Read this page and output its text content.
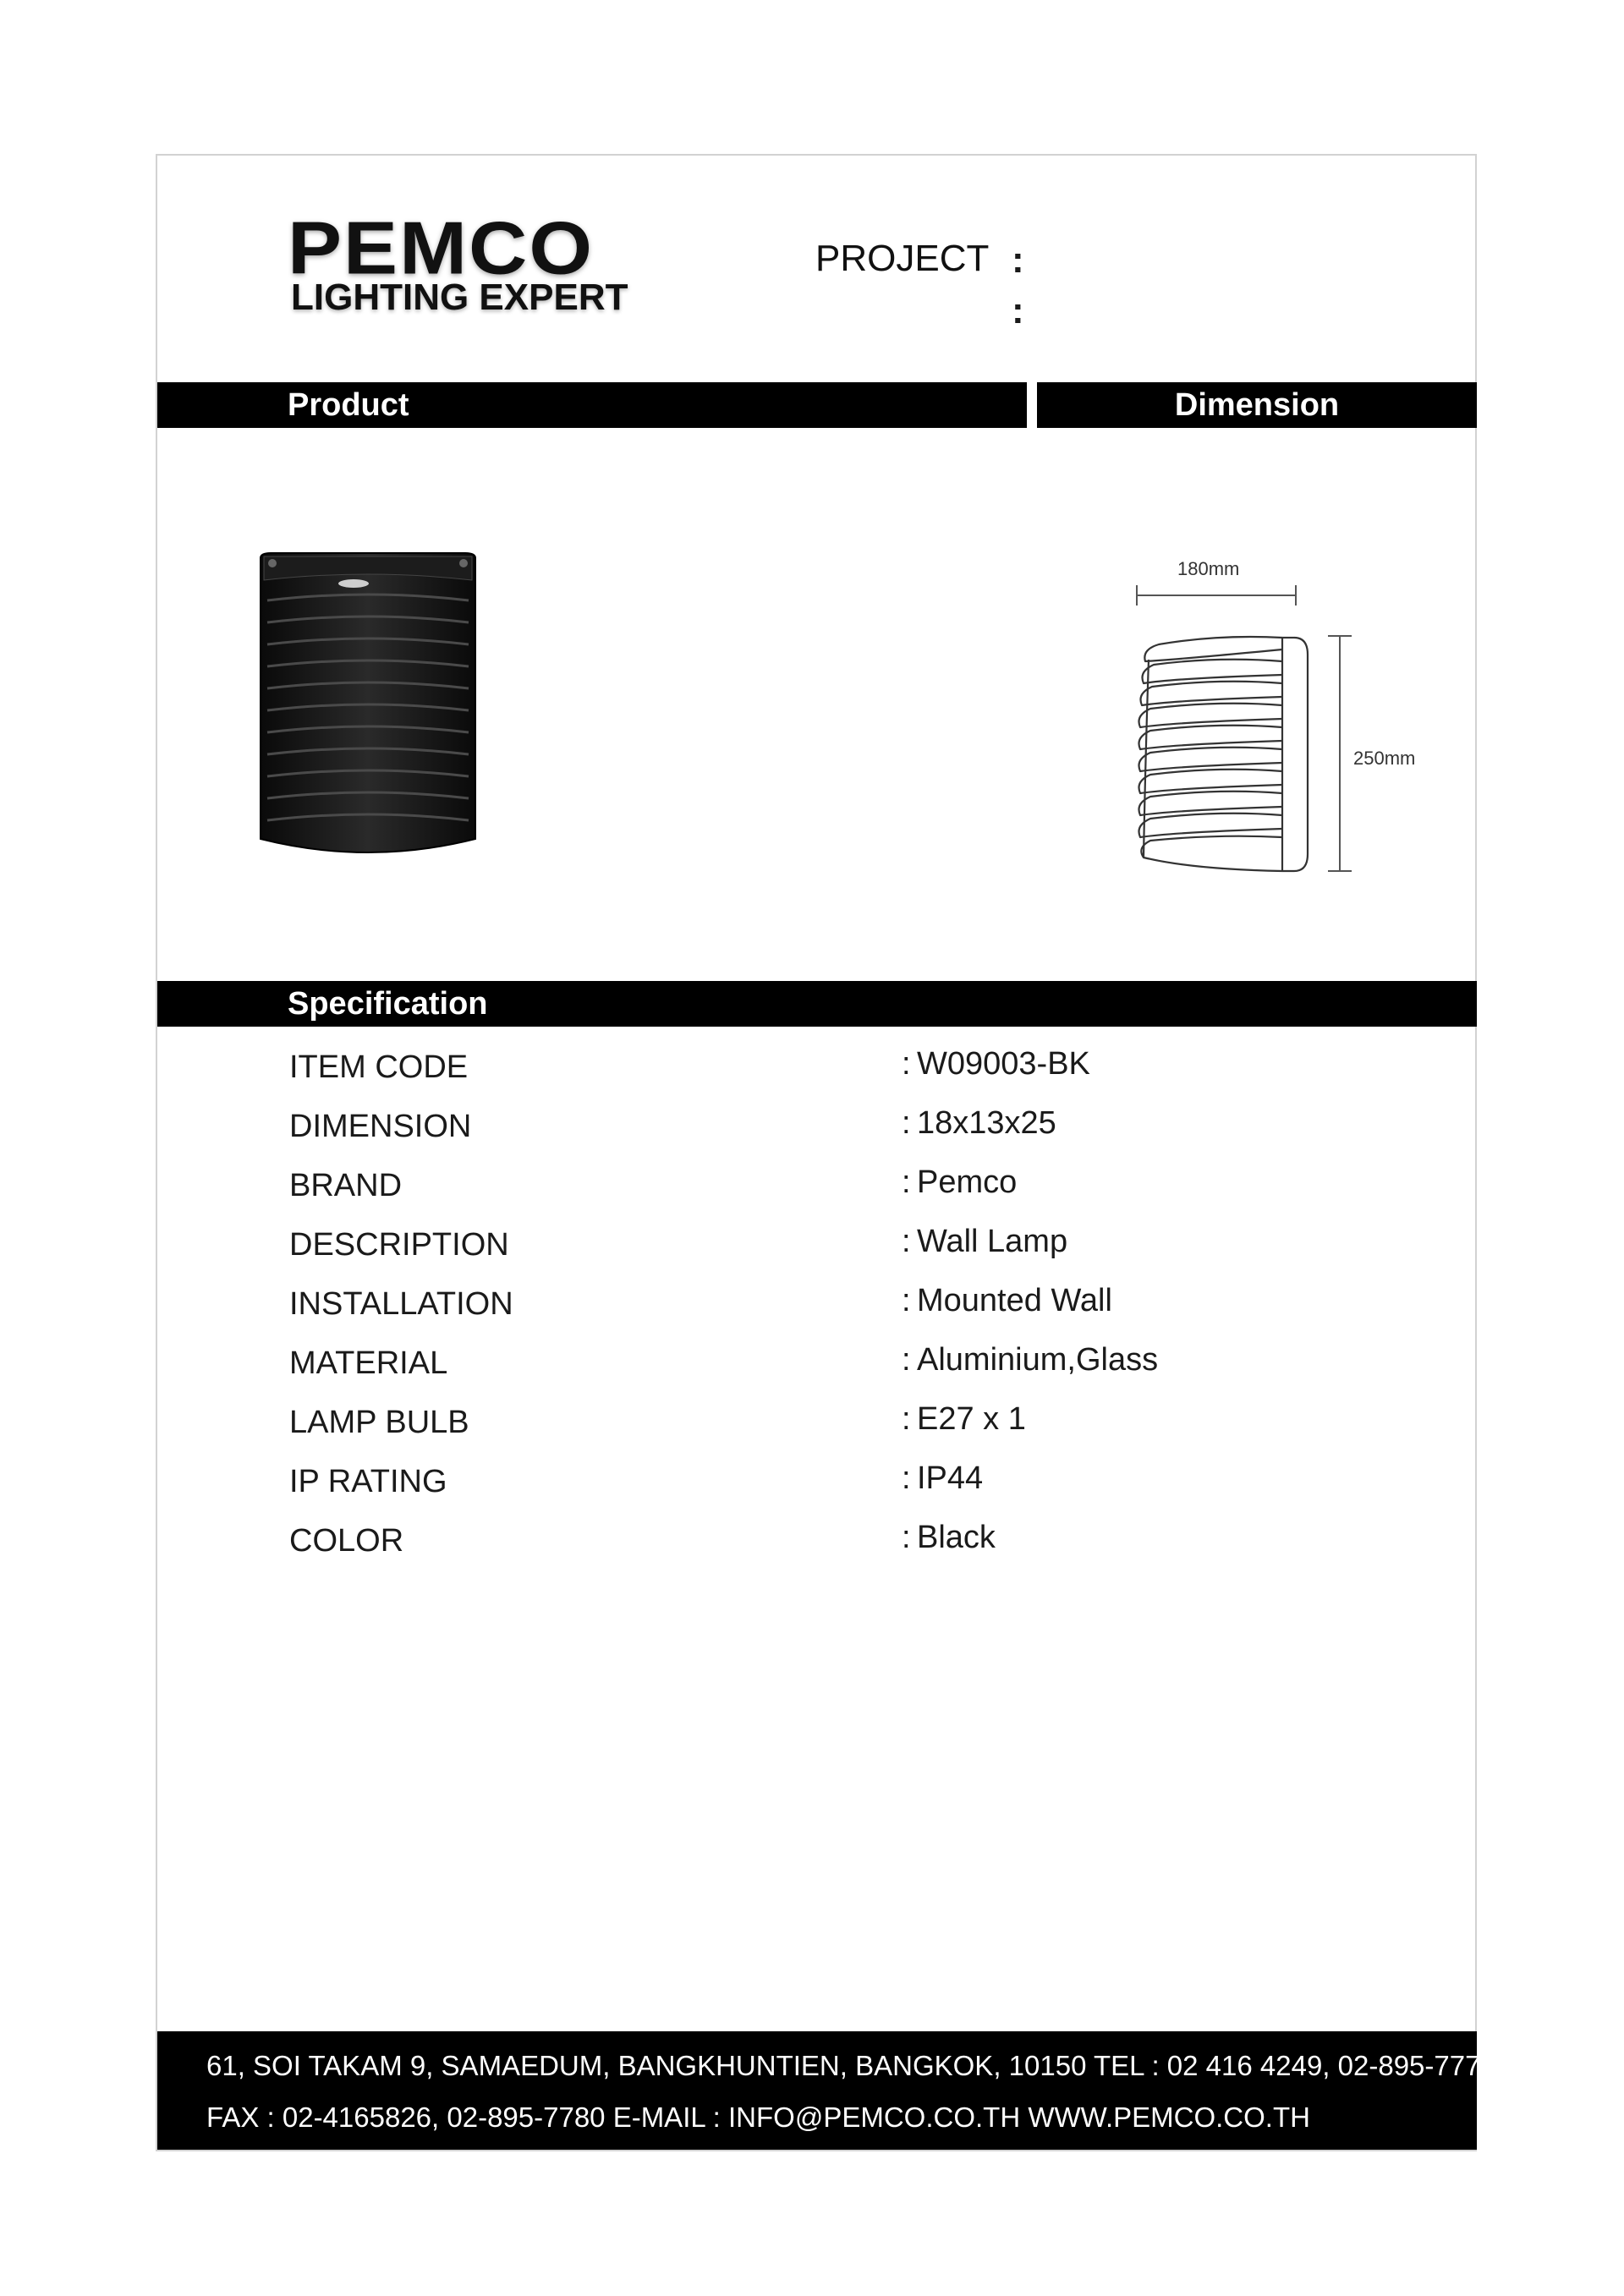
PEMCO
LIGHTING EXPERT
PROJECT :
:
Product	Dimension
180mm
250mm
Specification
ITEM CODE	: W09003-BK
DIMENSION	: 18x13x25
BRAND	: Pemco
DESCRIPTION	: Wall Lamp
INSTALLATION	: Mounted Wall
MATERIAL	: Aluminium,Glass
LAMP BULB	: E27 x 1
IP RATING	: IP44
COLOR	: Black
61, SOI TAKAM 9, SAMAEDUM, BANGKHUNTIEN, BANGKOK, 10150 TEL : 02 416 4249, 02-895-7778
FAX : 02-4165826, 02-895-7780 E-MAIL : INFO@PEMCO.CO.TH WWW.PEMCO.CO.TH
